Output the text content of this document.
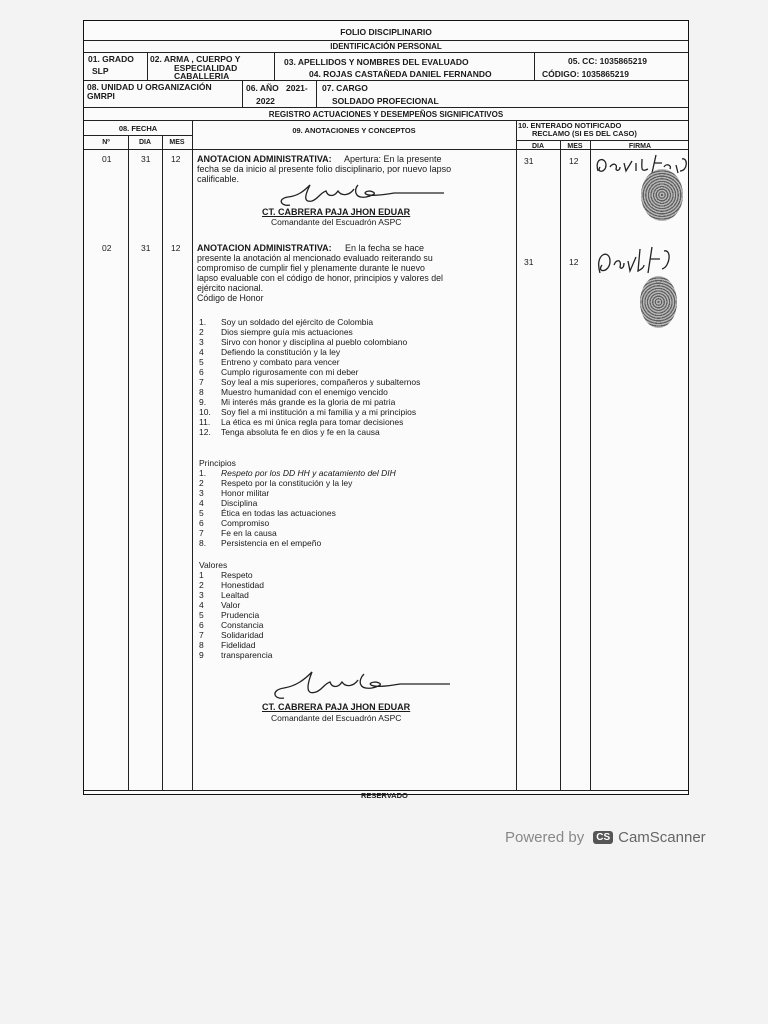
FOLIO DISCIPLINARIO
IDENTIFICACIÓN PERSONAL
01. GRADO
SLP
02. ARMA , CUERPO Y
ESPECIALIDAD
CABALLERIA
03. APELLIDOS Y NOMBRES DEL EVALUADO
04. ROJAS CASTAÑEDA DANIEL FERNANDO
05. CC: 1035865219
CÓDIGO: 1035865219
08. UNIDAD U ORGANIZACIÓN
GMRPI
06. AÑO 2021-
2022
07. CARGO
SOLDADO PROFECIONAL
REGISTRO ACTUACIONES Y DESEMPEÑOS SIGNIFICATIVOS
08. FECHA	09. ANOTACIONES Y CONCEPTOS
10. ENTERADO NOTIFICADO
RECLAMO (SI ES DEL CASO)
Nº	DIA	MES
DIA	MES	FIRMA
01	31 12 ANOTACION ADMINISTRATIVA: Apertura: En la presente
fecha se da inicio al presente folio disciplinario, por nuevo lapso
calificable.
31	12
CT. CABRERA PAJA JHON EDUAR
Comandante del Escuadrón ASPC
02	31 12 ANOTACION ADMINISTRATIVA: En la fecha se hace
presente la anotación al mencionado evaluado reiterando su
compromiso de cumplir fiel y plenamente durante le nuevo
lapso evaluable con el código de honor, principios y valores del
ejército nacional.
Código de Honor
31	12
1.	Soy un soldado del ejército de Colombia
2	Dios siempre guía mis actuaciones
3	Sirvo con honor y disciplina al pueblo colombiano
4	Defiendo la constitución y la ley
5	Entreno y combato para vencer
6	Cumplo rigurosamente con mi deber
7	Soy leal a mis superiores, compañeros y subalternos
8	Muestro humanidad con el enemigo vencido
9.	Mi interés más grande es la gloria de mi patria
10.	Soy fiel a mi institución a mi familia y a mi principios
11.	La ética es mi única regla para tomar decisiones
12.	Tenga absoluta fe en dios y fe en la causa
Principios
1.	Respeto por los DD HH y acatamiento del DIH
2	Respeto por la constitución y la ley
3	Honor militar
4	Disciplina
5	Ética en todas las actuaciones
6	Compromiso
7	Fe en la causa
8.	Persistencia en el empeño
Valores
1	Respeto
2	Honestidad
3	Lealtad
4	Valor
5	Prudencia
6	Constancia
7	Solidaridad
8	Fidelidad
9	transparencia
CT. CABRERA PAJA JHON EDUAR
Comandante del Escuadrón ASPC
RESERVADO
Powered by	CS CamScanner
